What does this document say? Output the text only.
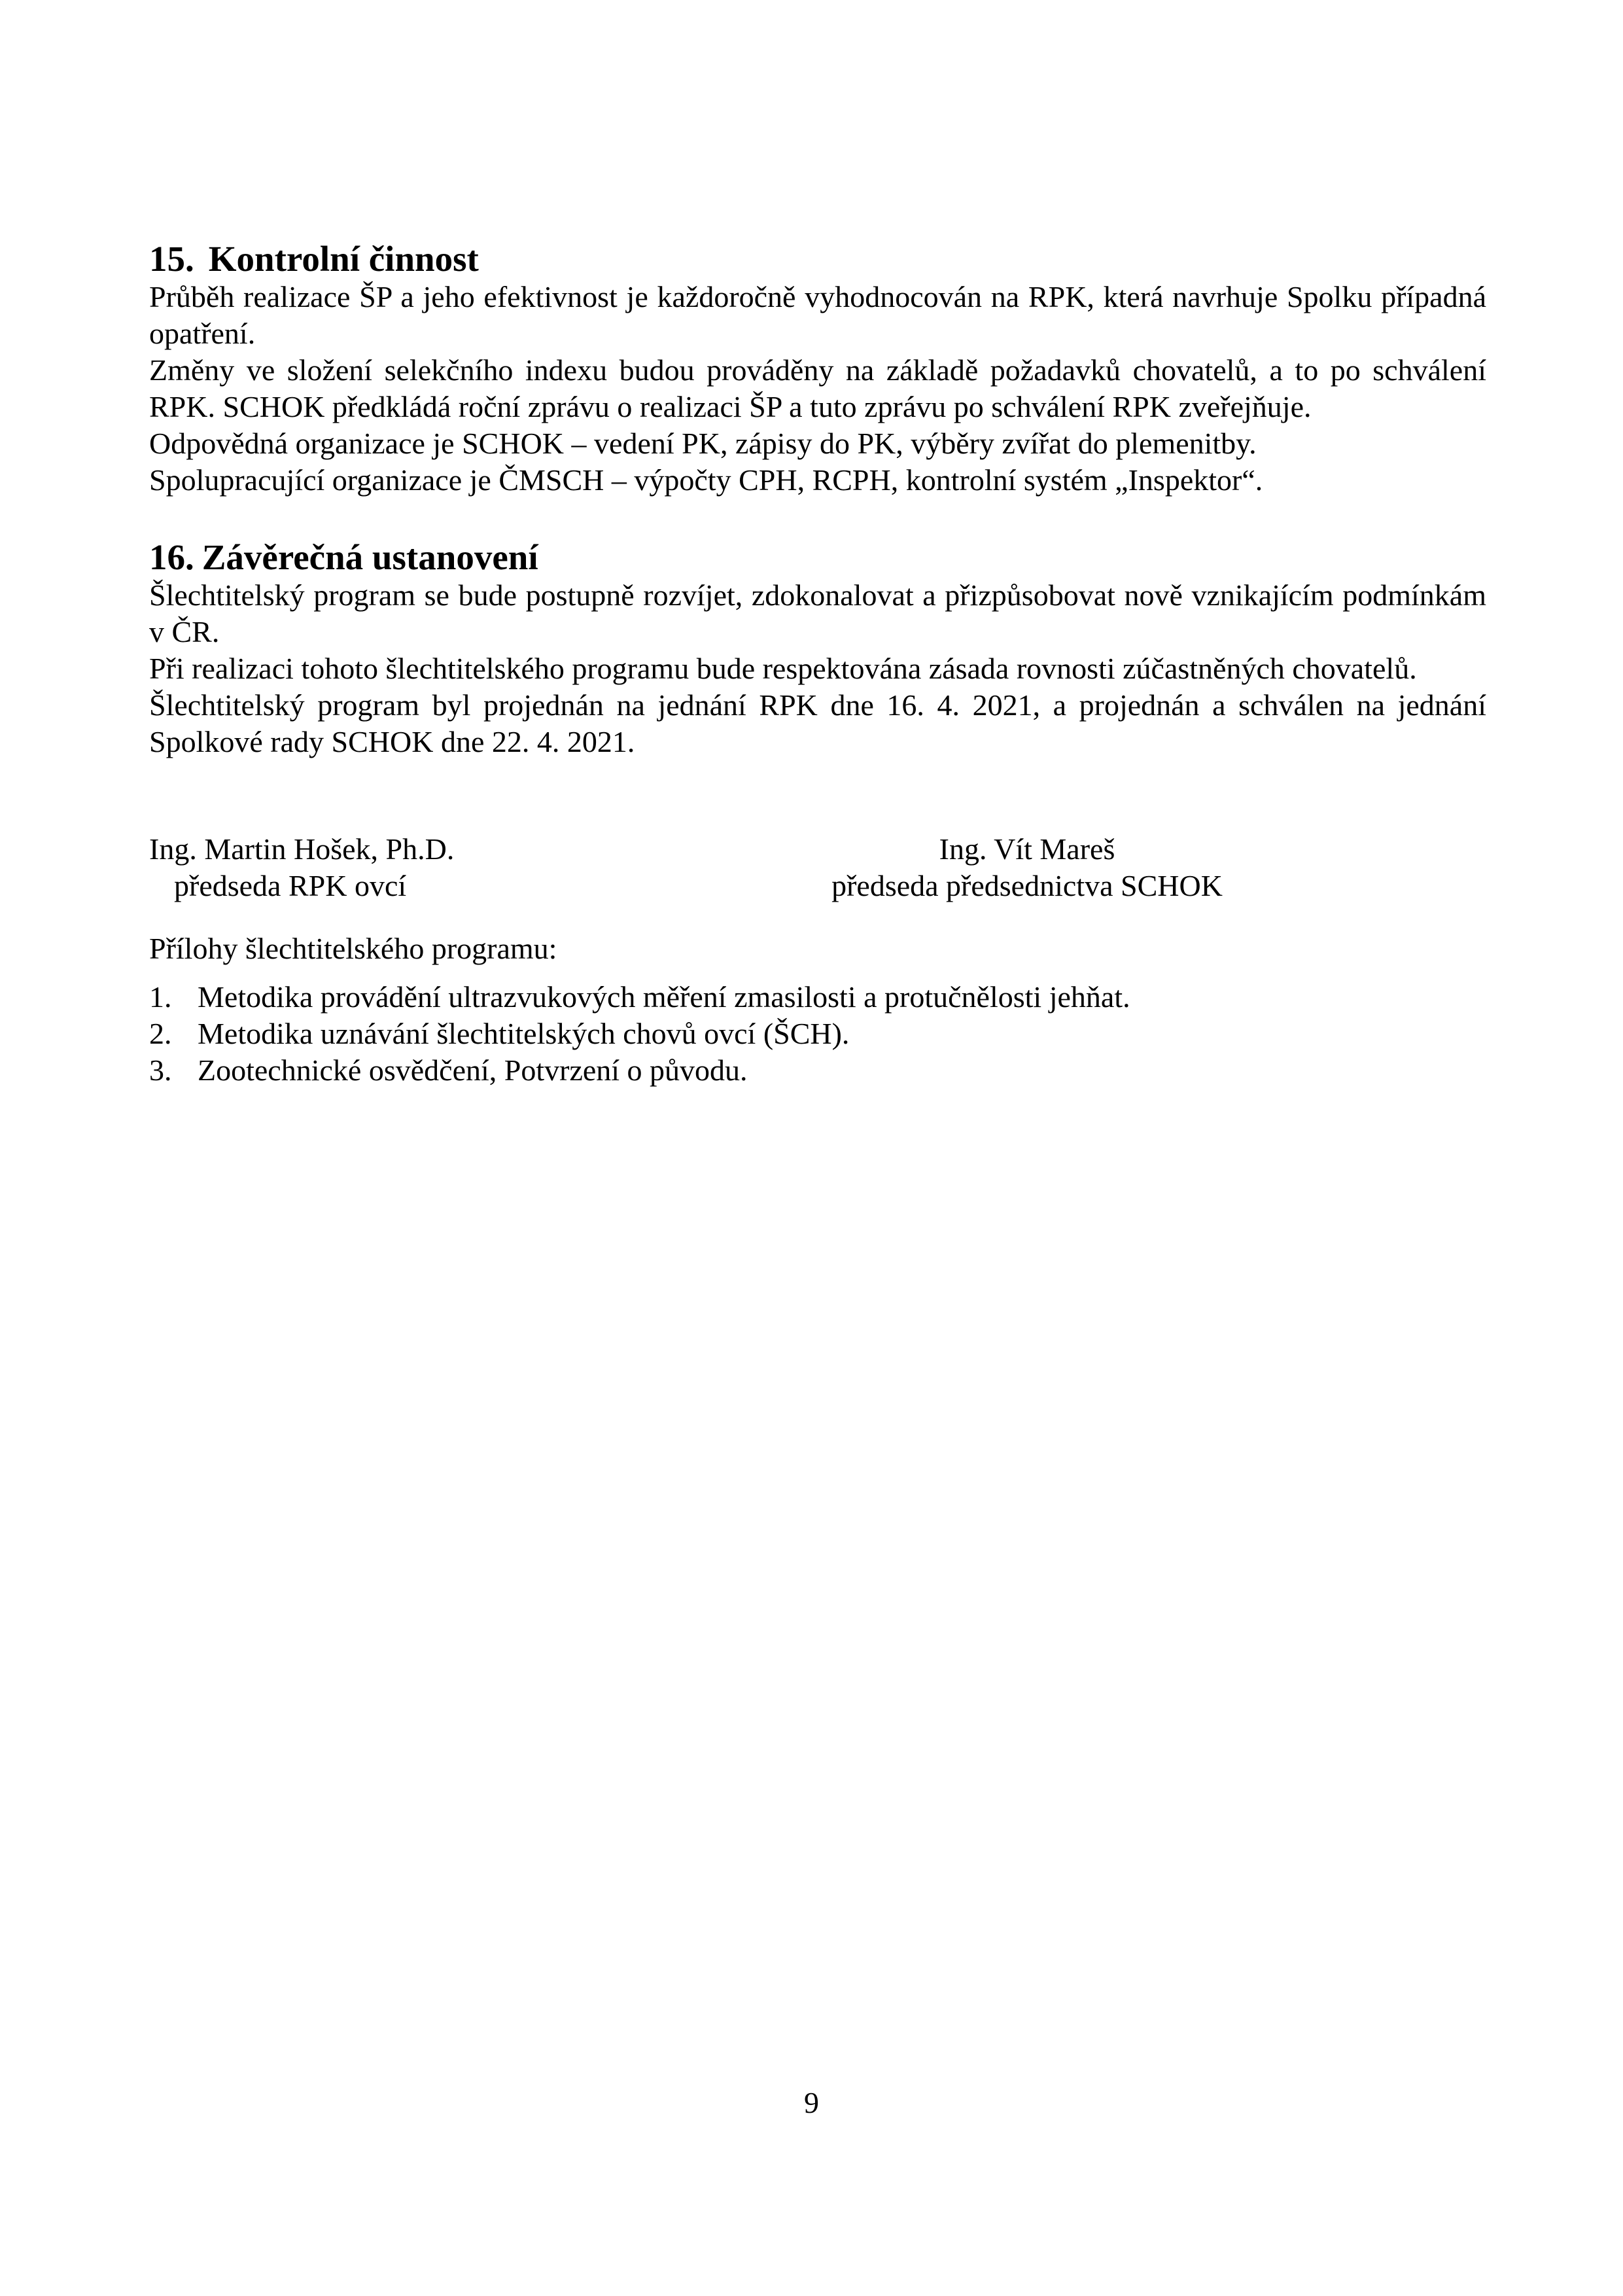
15. Kontrolní činnost

Průběh realizace ŠP a jeho efektivnost je každoročně vyhodnocován na RPK, která navrhuje Spolku případná opatření.

Změny ve složení selekčního indexu budou prováděny na základě požadavků chovatelů, a to po schválení RPK. SCHOK předkládá roční zprávu o realizaci ŠP a tuto zprávu po schválení RPK zveřejňuje.

Odpovědná organizace je SCHOK – vedení PK, zápisy do PK, výběry zvířat do plemenitby.

Spolupracující organizace je ČMSCH – výpočty CPH, RCPH, kontrolní systém „Inspektor“.

16. Závěrečná ustanovení

Šlechtitelský program se bude postupně rozvíjet, zdokonalovat a přizpůsobovat nově vznikajícím podmínkám v ČR.

Při realizaci tohoto šlechtitelského programu bude respektována zásada rovnosti zúčastněných chovatelů.

Šlechtitelský program byl projednán na jednání RPK dne 16. 4. 2021, a projednán a schválen na jednání Spolkové rady SCHOK dne 22. 4. 2021.

Ing. Martin Hošek, Ph.D.
předseda RPK ovcí
Ing. Vít Mareš
předseda předsednictva SCHOK
Přílohy šlechtitelského programu:
1. Metodika provádění ultrazvukových měření zmasilosti a protučnělosti jehňat.
2. Metodika uznávání šlechtitelských chovů ovcí (ŠCH).
3. Zootechnické osvědčení, Potvrzení o původu.
9
